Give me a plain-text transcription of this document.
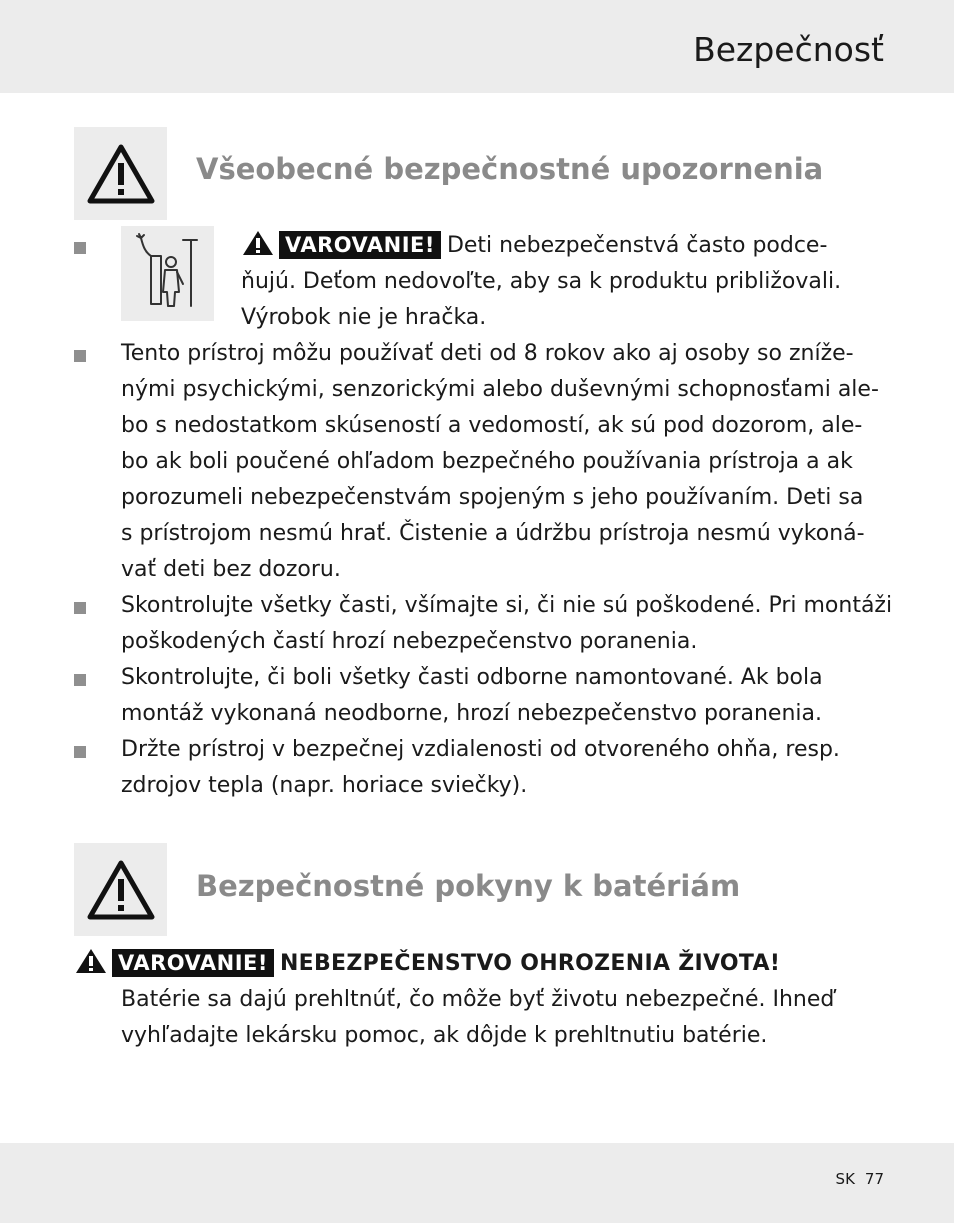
Bezpečnosť
Všeobecné bezpečnostné upozornenia
VAROVANIE! Deti nebezpečenstvá často podce-
ňujú. Deťom nedovoľte, aby sa k produktu približovali.
Výrobok nie je hračka.
Tento prístroj môžu používať deti od 8 rokov ako aj osoby so zníže-
nými psychickými, senzorickými alebo duševnými schopnosťami ale-
bo s nedostatkom skúseností a vedomostí, ak sú pod dozorom, ale-
bo ak boli poučené ohľadom bezpečného používania prístroja a ak
porozumeli nebezpečenstvám spojeným s jeho používaním. Deti sa
s prístrojom nesmú hrať. Čistenie a údržbu prístroja nesmú vykoná-
vať deti bez dozoru.
Skontrolujte všetky časti, všímajte si, či nie sú poškodené. Pri montáži
poškodených častí hrozí nebezpečenstvo poranenia.
Skontrolujte, či boli všetky časti odborne namontované. Ak bola
montáž vykonaná neodborne, hrozí nebezpečenstvo poranenia.
Držte prístroj v bezpečnej vzdialenosti od otvoreného ohňa, resp.
zdrojov tepla (napr. horiace sviečky).
Bezpečnostné pokyny k batériám
VAROVANIE! NEBEZPEČENSTVO OHROZENIA ŽIVOTA!
Batérie sa dajú prehltnúť, čo môže byť životu nebezpečné. Ihneď
vyhľadajte lekársku pomoc, ak dôjde k prehltnutiu batérie.
SK 77
